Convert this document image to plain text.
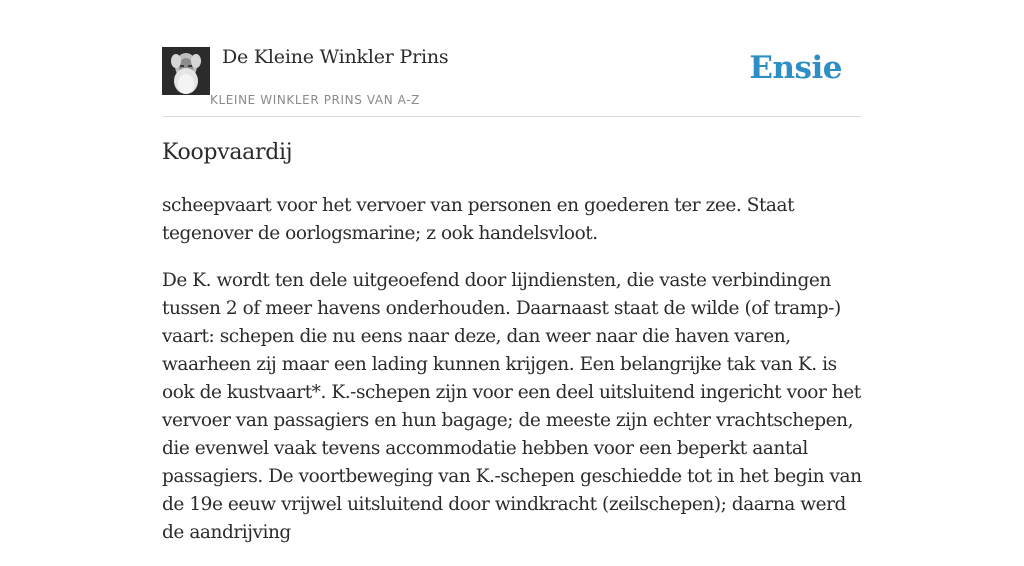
De Kleine Winkler Prins
KLEINE WINKLER PRINS VAN A-Z
Ensie
Koopvaardij

scheepvaart voor het vervoer van personen en goederen ter zee. Staat tegenover de oorlogsmarine; z ook handelsvloot.

De K. wordt ten dele uitgeoefend door lijndiensten, die vaste verbindingen tussen 2 of meer havens onderhouden. Daarnaast staat de wilde (of tramp-) vaart: schepen die nu eens naar deze, dan weer naar die haven varen, waarheen zij maar een lading kunnen krijgen. Een belangrijke tak van K. is ook de kustvaart*. K.-schepen zijn voor een deel uitsluitend ingericht voor het vervoer van passagiers en hun bagage; de meeste zijn echter vrachtschepen, die evenwel vaak tevens accommodatie hebben voor een beperkt aantal passagiers. De voortbeweging van K.-schepen geschiedde tot in het begin van de 19e eeuw vrijwel uitsluitend door windkracht (zeilschepen); daarna werd de aandrijving
